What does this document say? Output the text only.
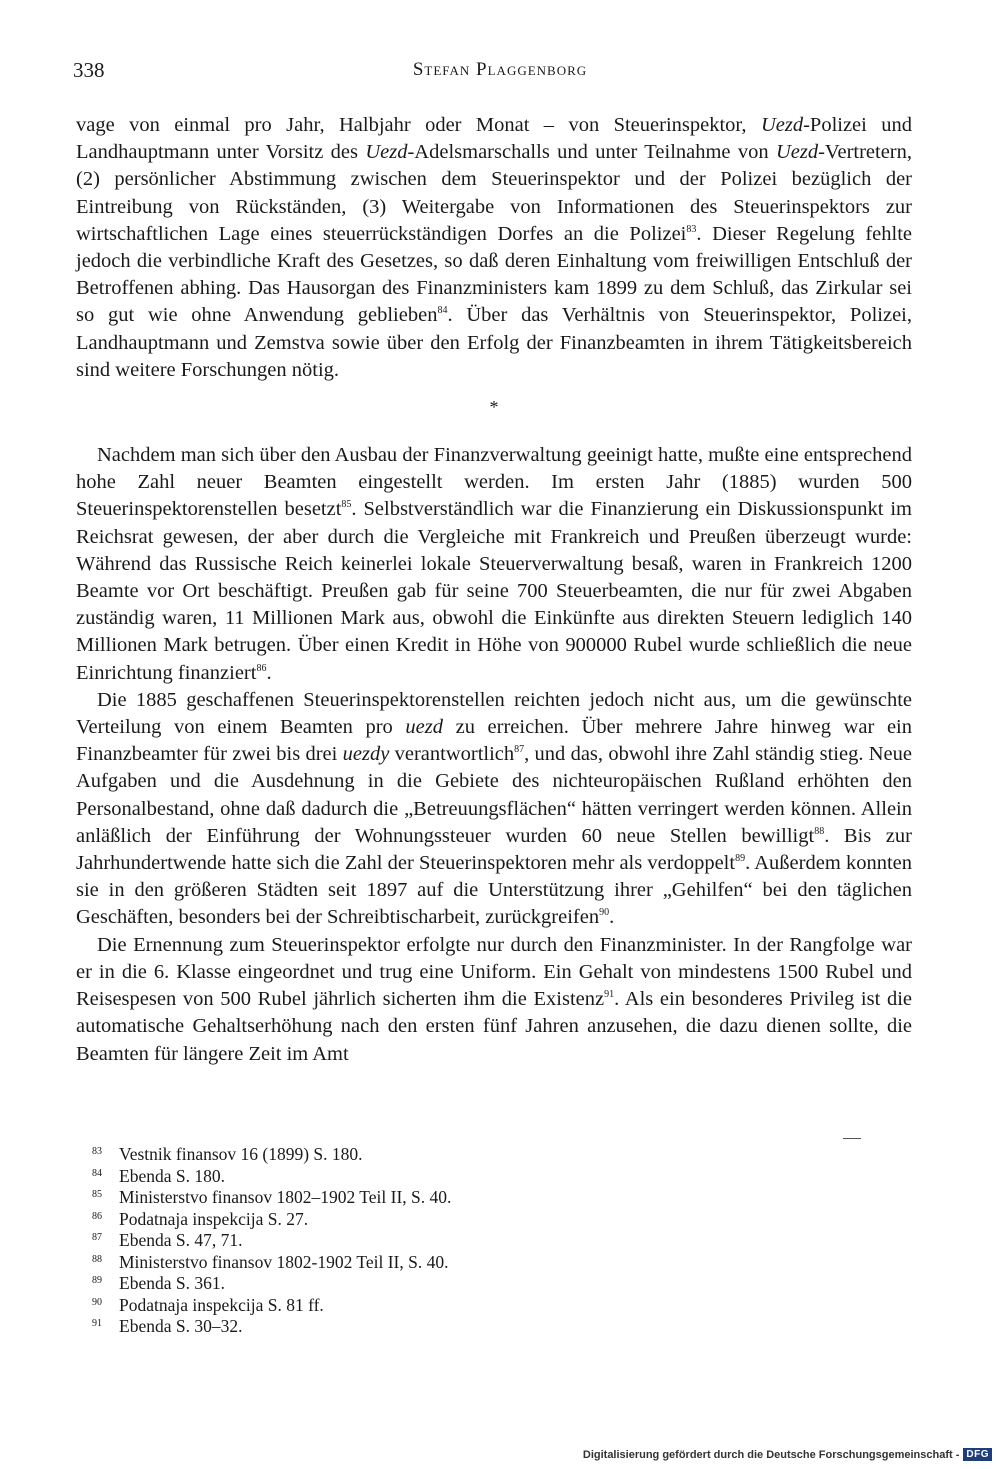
338	Stefan Plaggenborg

vage von einmal pro Jahr, Halbjahr oder Monat – von Steuerinspektor, Uezd-Polizei und Landhauptmann unter Vorsitz des Uezd-Adelsmarschalls und unter Teilnahme von Uezd-Vertretern, (2) persönlicher Abstimmung zwischen dem Steuerinspektor und der Polizei bezüglich der Eintreibung von Rückständen, (3) Weitergabe von Informationen des Steuerinspektors zur wirtschaftlichen Lage eines steuerrückständigen Dorfes an die Polizei$^{83}$. Dieser Regelung fehlte jedoch die verbindliche Kraft des Gesetzes, so daß deren Einhaltung vom freiwilligen Entschluß der Betroffenen abhing. Das Hausorgan des Finanzministers kam 1899 zu dem Schluß, das Zirkular sei so gut wie ohne Anwendung geblieben$^{84}$. Über das Verhältnis von Steuerinspektor, Polizei, Landhauptmann und Zemstva sowie über den Erfolg der Finanzbeamten in ihrem Tätigkeitsbereich sind weitere Forschungen nötig.

*

Nachdem man sich über den Ausbau der Finanzverwaltung geeinigt hatte, mußte eine entsprechend hohe Zahl neuer Beamten eingestellt werden. Im ersten Jahr (1885) wurden 500 Steuerinspektorenstellen besetzt$^{85}$. Selbstverständlich war die Finanzierung ein Diskussionspunkt im Reichsrat gewesen, der aber durch die Vergleiche mit Frankreich und Preußen überzeugt wurde: Während das Russische Reich keinerlei lokale Steuerverwaltung besaß, waren in Frankreich 1200 Beamte vor Ort beschäftigt. Preußen gab für seine 700 Steuerbeamten, die nur für zwei Abgaben zuständig waren, 11 Millionen Mark aus, obwohl die Einkünfte aus direkten Steuern lediglich 140 Millionen Mark betrugen. Über einen Kredit in Höhe von 900000 Rubel wurde schließlich die neue Einrichtung finanziert$^{86}$.

Die 1885 geschaffenen Steuerinspektorenstellen reichten jedoch nicht aus, um die gewünschte Verteilung von einem Beamten pro uezd zu erreichen. Über mehrere Jahre hinweg war ein Finanzbeamter für zwei bis drei uezdy verantwortlich$^{87}$, und das, obwohl ihre Zahl ständig stieg. Neue Aufgaben und die Ausdehnung in die Gebiete des nichteuropäischen Rußland erhöhten den Personalbestand, ohne daß dadurch die „Betreuungsflächen“ hätten verringert werden können. Allein anläßlich der Einführung der Wohnungssteuer wurden 60 neue Stellen bewilligt$^{88}$. Bis zur Jahrhundertwende hatte sich die Zahl der Steuerinspektoren mehr als verdoppelt$^{89}$. Außerdem konnten sie in den größeren Städten seit 1897 auf die Unterstützung ihrer „Gehilfen“ bei den täglichen Geschäften, besonders bei der Schreibtischarbeit, zurückgreifen$^{90}$.

Die Ernennung zum Steuerinspektor erfolgte nur durch den Finanzminister. In der Rangfolge war er in die 6. Klasse eingeordnet und trug eine Uniform. Ein Gehalt von mindestens 1500 Rubel und Reisespesen von 500 Rubel jährlich sicherten ihm die Existenz$^{91}$. Als ein besonderes Privileg ist die automatische Gehaltserhöhung nach den ersten fünf Jahren anzusehen, die dazu dienen sollte, die Beamten für längere Zeit im Amt

83 Vestnik finansov 16 (1899) S. 180.
84 Ebenda S. 180.
85 Ministerstvo finansov 1802–1902 Teil II, S. 40.
86 Podatnaja inspekcija S. 27.
87 Ebenda S. 47, 71.
88 Ministerstvo finansov 1802-1902 Teil II, S. 40.
89 Ebenda S. 361.
90 Podatnaja inspekcija S. 81 ff.
91 Ebenda S. 30–32.
Digitalisierung gefördert durch die Deutsche Forschungsgemeinschaft - DFG
